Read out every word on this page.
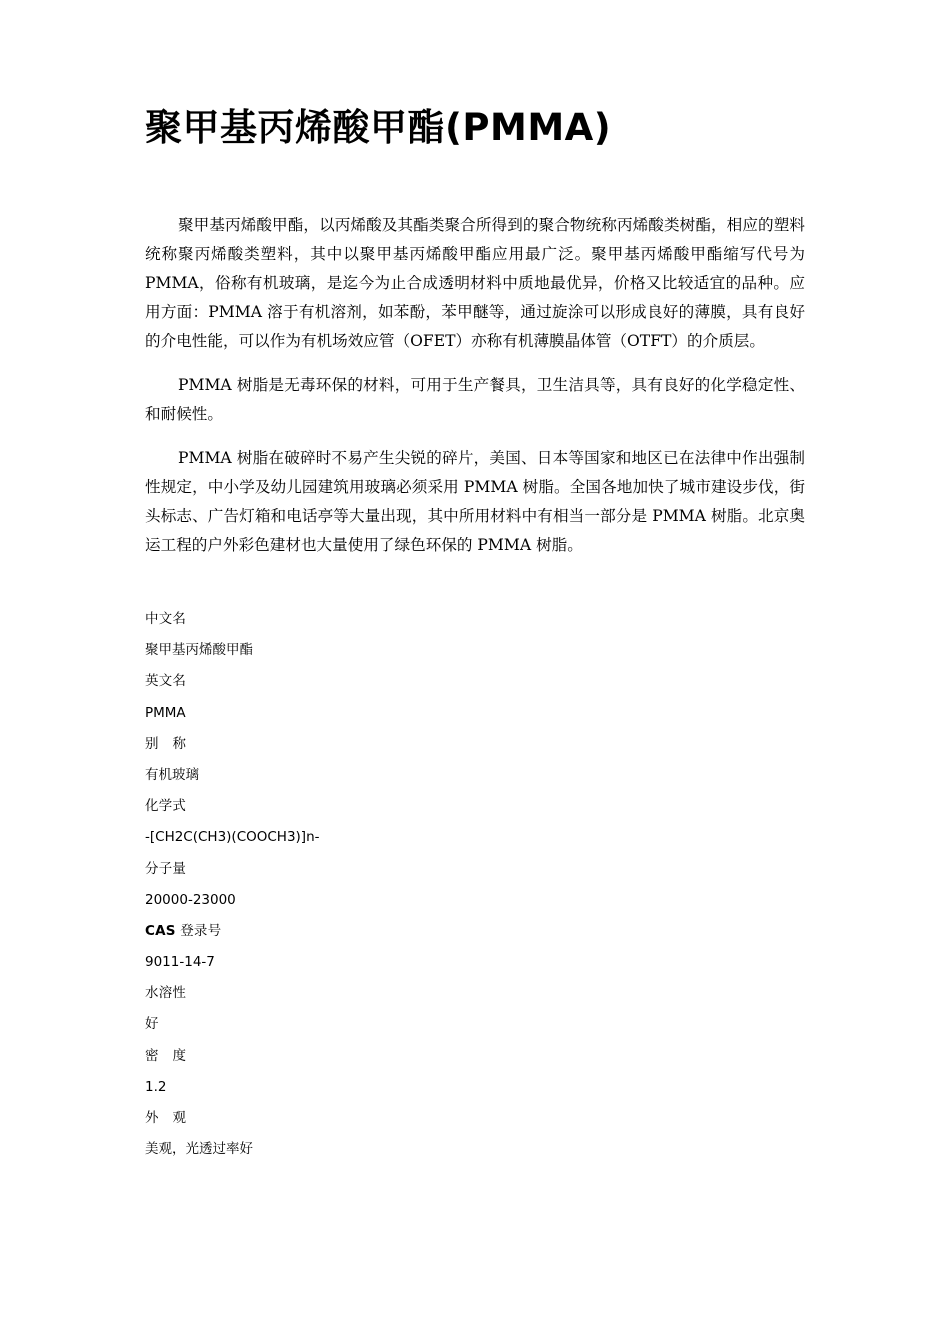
聚甲基丙烯酸甲酯(PMMA)

聚甲基丙烯酸甲酯，以丙烯酸及其酯类聚合所得到的聚合物统称丙烯酸类树酯，相应的塑料统称聚丙烯酸类塑料，其中以聚甲基丙烯酸甲酯应用最广泛。聚甲基丙烯酸甲酯缩写代号为 PMMA，俗称有机玻璃，是迄今为止合成透明材料中质地最优异，价格又比较适宜的品种。应用方面：PMMA 溶于有机溶剂，如苯酚，苯甲醚等，通过旋涂可以形成良好的薄膜，具有良好的介电性能，可以作为有机场效应管（OFET）亦称有机薄膜晶体管（OTFT）的介质层。

PMMA 树脂是无毒环保的材料，可用于生产餐具，卫生洁具等，具有良好的化学稳定性、和耐候性。

PMMA 树脂在破碎时不易产生尖锐的碎片，美国、日本等国家和地区已在法律中作出强制性规定，中小学及幼儿园建筑用玻璃必须采用 PMMA 树脂。全国各地加快了城市建设步伐，街头标志、广告灯箱和电话亭等大量出现，其中所用材料中有相当一部分是 PMMA 树脂。北京奥运工程的户外彩色建材也大量使用了绿色环保的 PMMA 树脂。

中文名
聚甲基丙烯酸甲酯
英文名
PMMA
别称
有机玻璃
化学式
-[CH2C(CH3)(COOCH3)]n-
分子量
20000-23000
CAS 登录号
9011-14-7
水溶性
好
密度
1.2
外观
美观，光透过率好
